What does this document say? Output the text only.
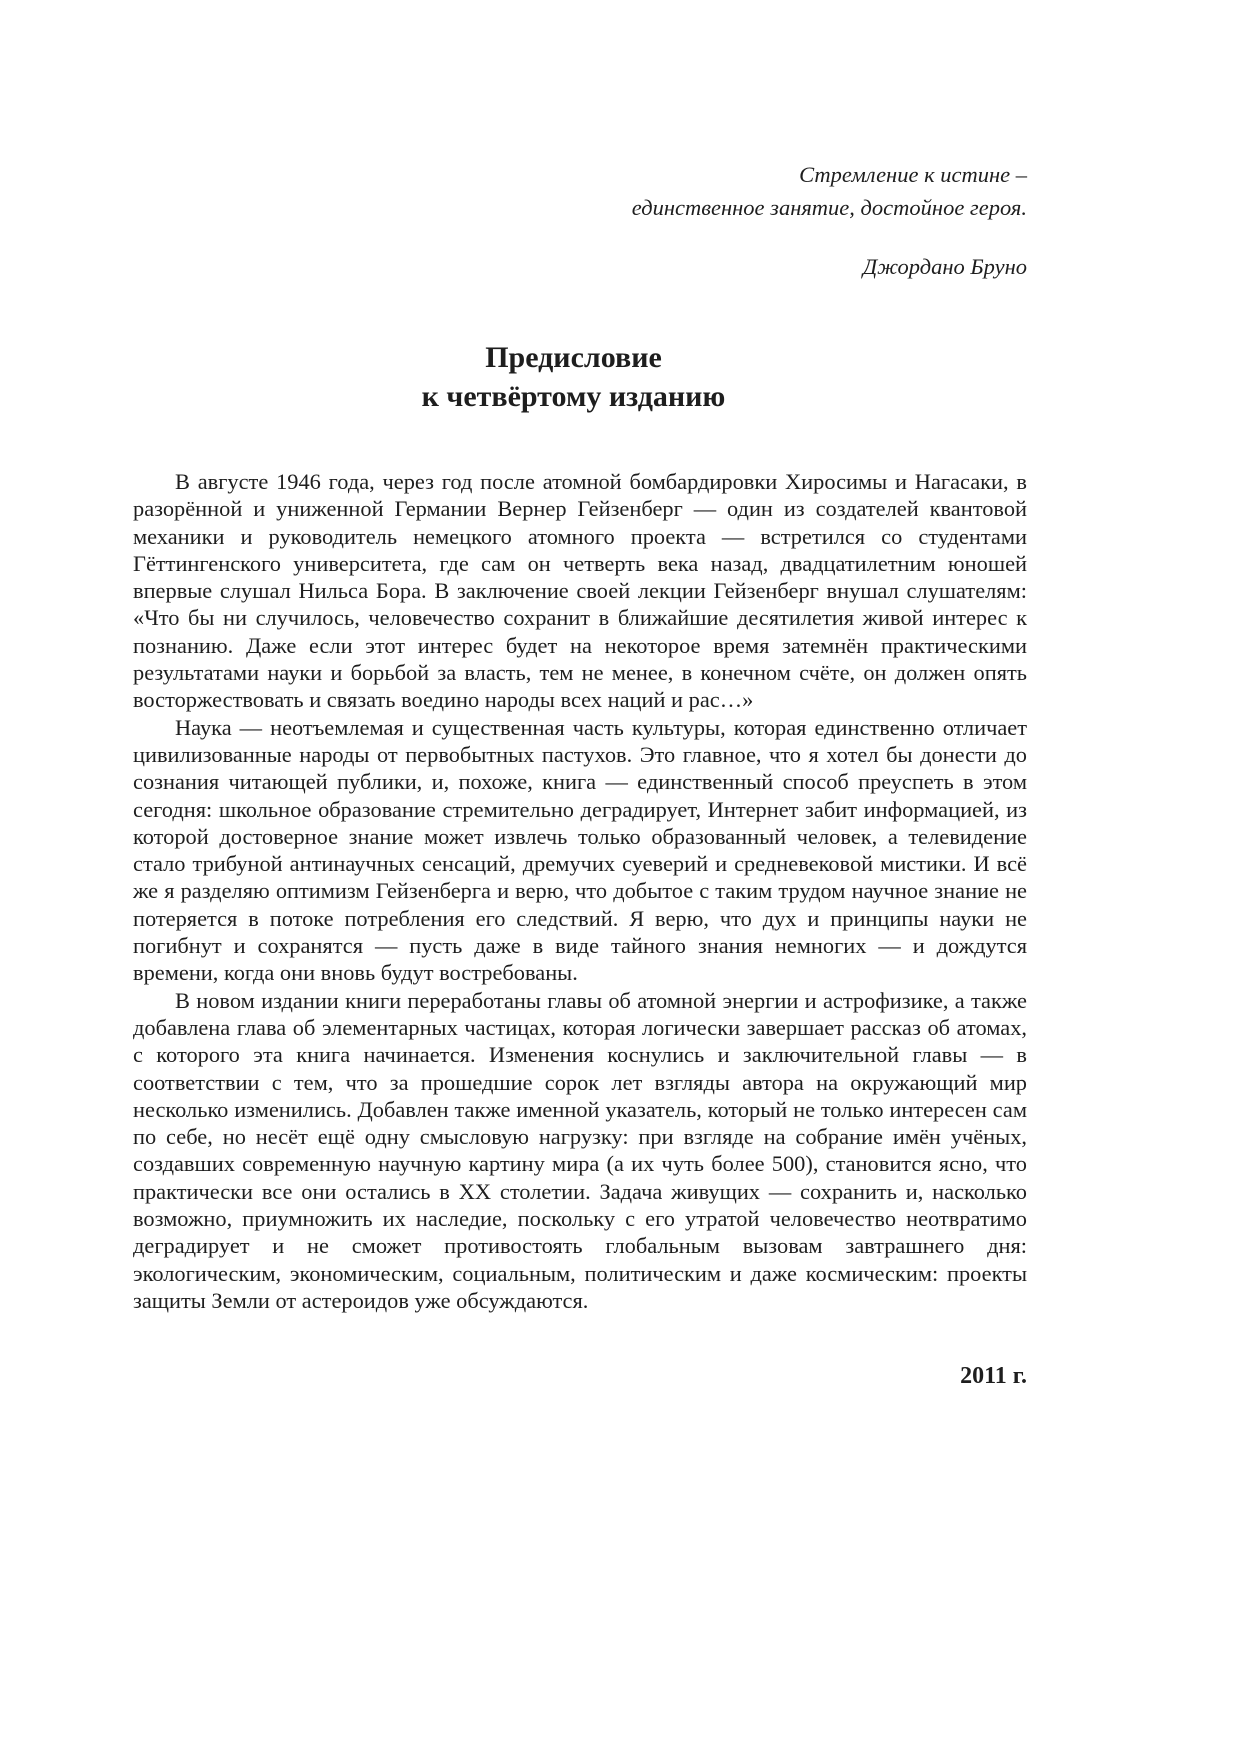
Стремление к истине –
единственное занятие, достойное героя.
Джордано Бруно
Предисловие
к четвёртому изданию

В августе 1946 года, через год после атомной бомбардировки Хиросимы и Нагасаки, в разорённой и униженной Германии Вернер Гейзенберг — один из создателей квантовой механики и руководитель немецкого атомного проекта — встретился со студентами Гёттингенского университета, где сам он четверть века назад, двадцатилетним юношей впервые слушал Нильса Бора. В заключение своей лекции Гейзенберг внушал слушателям: «Что бы ни случилось, человечество сохранит в ближайшие десятилетия живой интерес к познанию. Даже если этот интерес будет на некоторое время затемнён практическими результатами науки и борьбой за власть, тем не менее, в конечном счёте, он должен опять восторжествовать и связать воедино народы всех наций и рас…»

Наука — неотъемлемая и существенная часть культуры, которая единственно отличает цивилизованные народы от первобытных пастухов. Это главное, что я хотел бы донести до сознания читающей публики, и, похоже, книга — единственный способ преуспеть в этом сегодня: школьное образование стремительно деградирует, Интернет забит информацией, из которой достоверное знание может извлечь только образованный человек, а телевидение стало трибуной антинаучных сенсаций, дремучих суеверий и средневековой мистики. И всё же я разделяю оптимизм Гейзенберга и верю, что добытое с таким трудом научное знание не потеряется в потоке потребления его следствий. Я верю, что дух и принципы науки не погибнут и сохранятся — пусть даже в виде тайного знания немногих — и дождутся времени, когда они вновь будут востребованы.

В новом издании книги переработаны главы об атомной энергии и астрофизике, а также добавлена глава об элементарных частицах, которая логически завершает рассказ об атомах, с которого эта книга начинается. Изменения коснулись и заключительной главы — в соответствии с тем, что за прошедшие сорок лет взгляды автора на окружающий мир несколько изменились. Добавлен также именной указатель, который не только интересен сам по себе, но несёт ещё одну смысловую нагрузку: при взгляде на собрание имён учёных, создавших современную научную картину мира (а их чуть более 500), становится ясно, что практически все они остались в XX столетии. Задача живущих — сохранить и, насколько возможно, приумножить их наследие, поскольку с его утратой человечество неотвратимо деградирует и не сможет противостоять глобальным вызовам завтрашнего дня: экологическим, экономическим, социальным, политическим и даже космическим: проекты защиты Земли от астероидов уже обсуждаются.

2011 г.
